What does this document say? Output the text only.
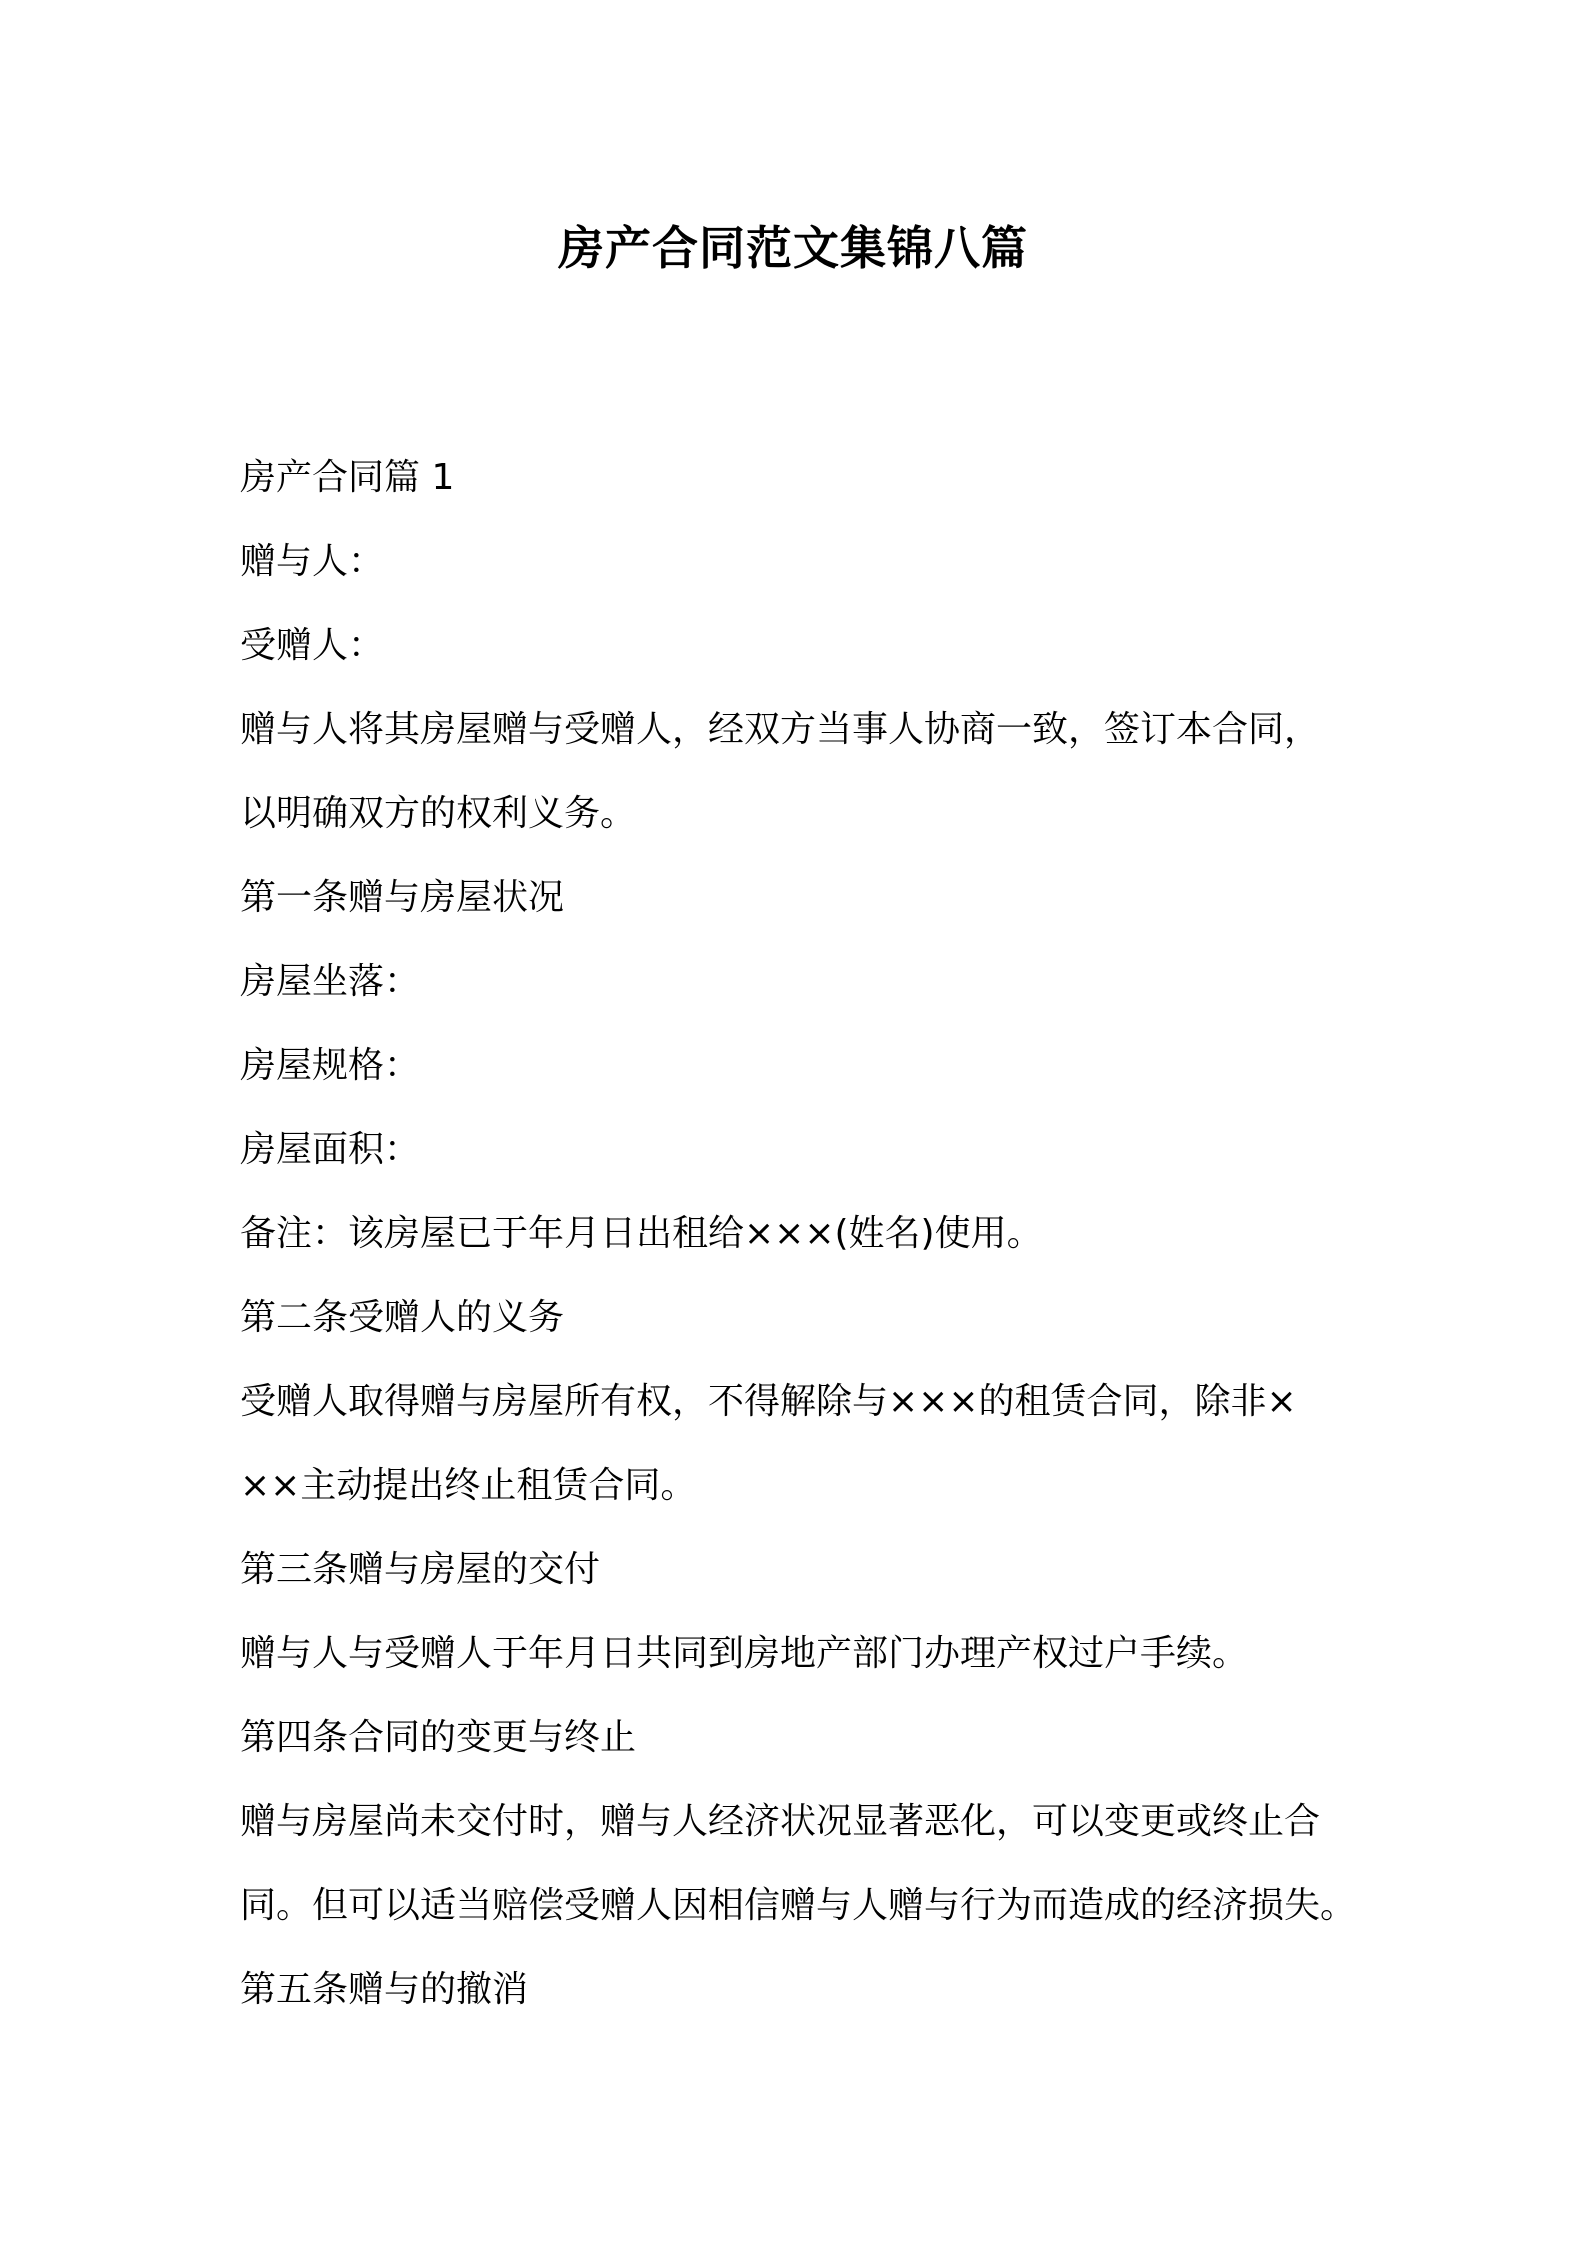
房产合同范文集锦八篇
房产合同篇 1
赠与人：
受赠人：
赠与人将其房屋赠与受赠人，经双方当事人协商一致，签订本合同，
以明确双方的权利义务。
第一条赠与房屋状况
房屋坐落：
房屋规格：
房屋面积：
备注：该房屋已于年月日出租给×××(姓名)使用。
第二条受赠人的义务
受赠人取得赠与房屋所有权，不得解除与×××的租赁合同，除非×
××主动提出终止租赁合同。
第三条赠与房屋的交付
赠与人与受赠人于年月日共同到房地产部门办理产权过户手续。
第四条合同的变更与终止
赠与房屋尚未交付时，赠与人经济状况显著恶化，可以变更或终止合
同。但可以适当赔偿受赠人因相信赠与人赠与行为而造成的经济损失。
第五条赠与的撤消
